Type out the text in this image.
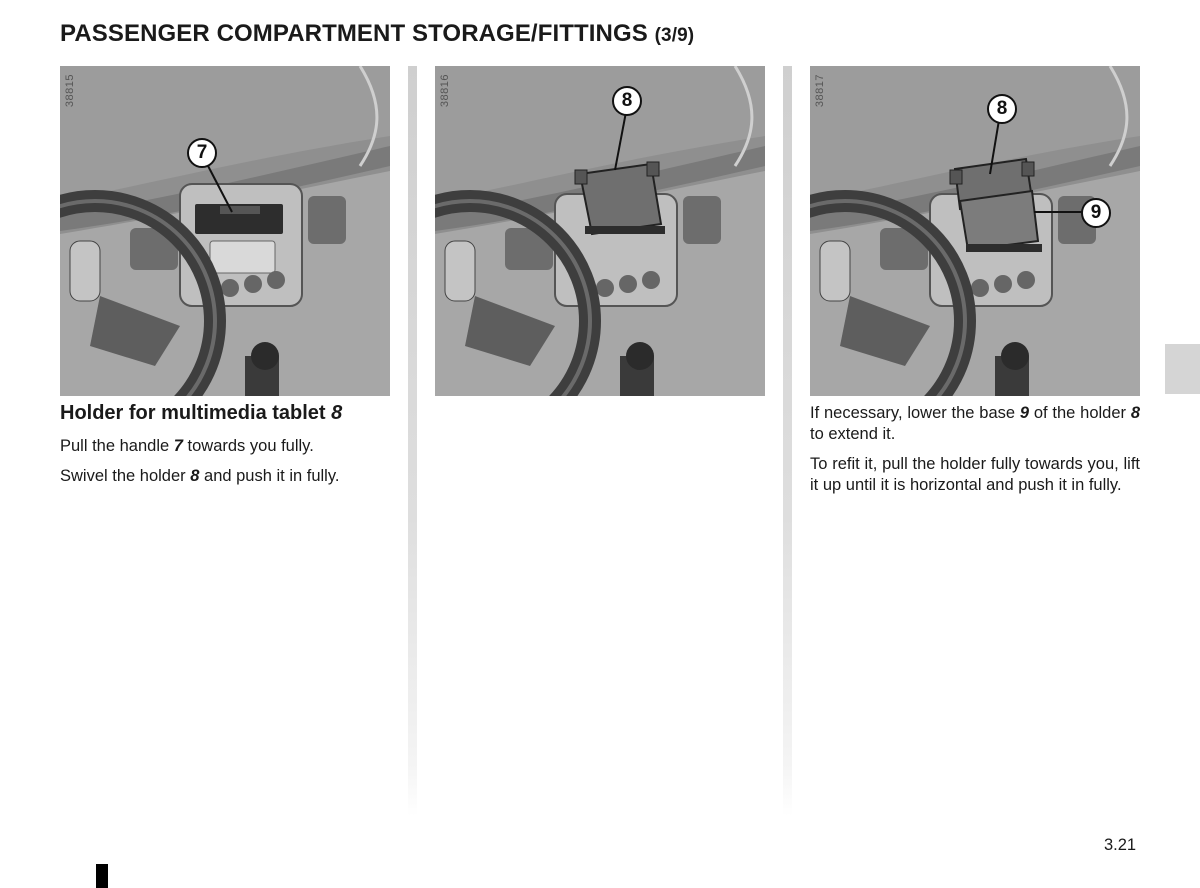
PASSENGER COMPARTMENT STORAGE/FITTINGS (3/9)
38815
7
38816	8	38817
8
9
Holder for multimedia tablet 8
Pull the handle 7 towards you fully.
Swivel the holder 8 and push it in fully.
If necessary, lower the base 9 of the holder 8 to extend it.
To refit it, pull the holder fully towards you, lift it up until it is horizontal and push it in fully.
3.21
